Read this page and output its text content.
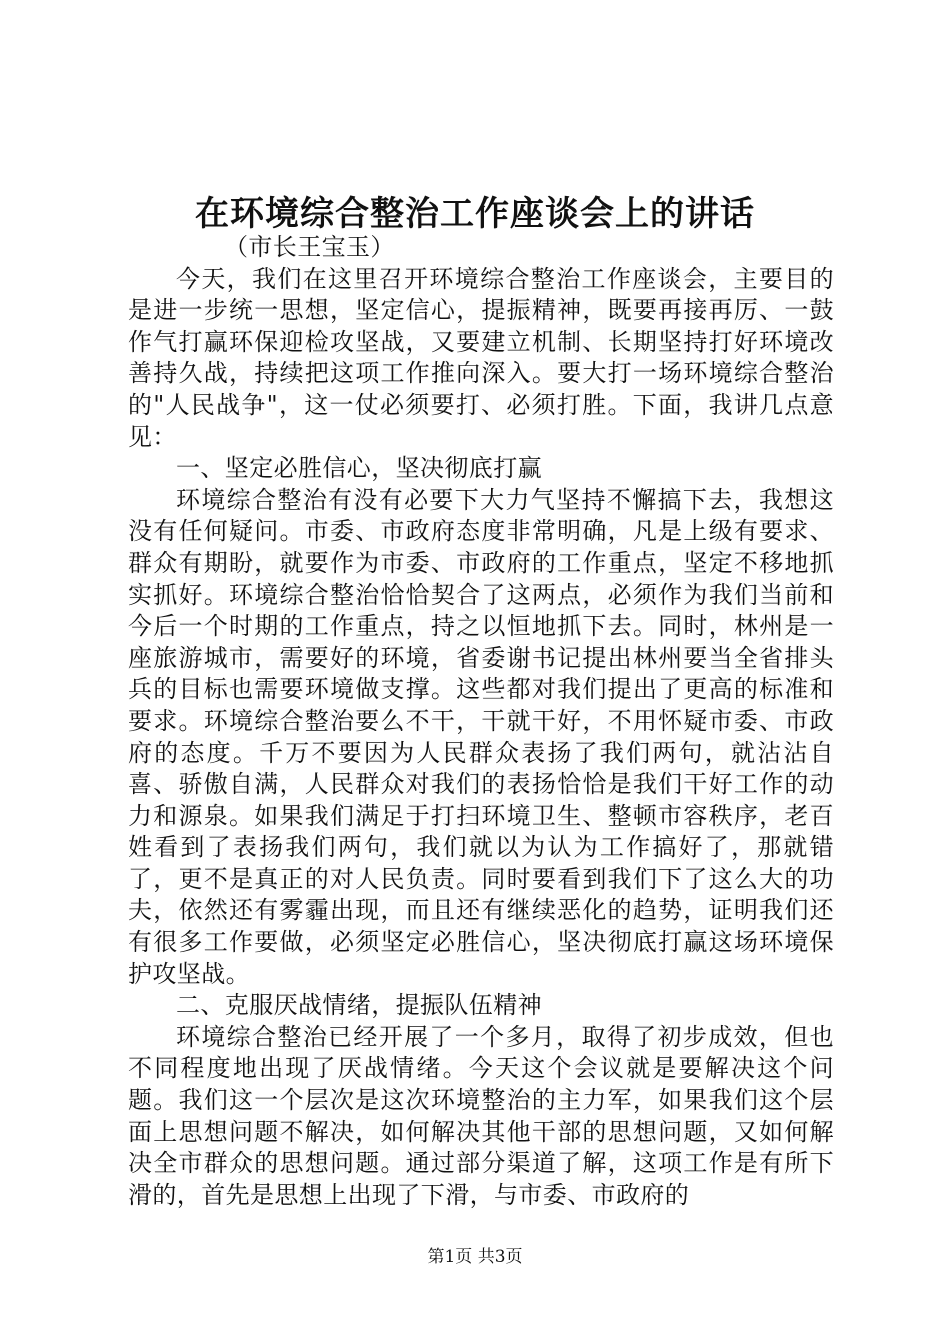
在环境综合整治工作座谈会上的讲话

（市长王宝玉）

今天，我们在这里召开环境综合整治工作座谈会，主要目的是进一步统一思想，坚定信心，提振精神，既要再接再厉、一鼓作气打赢环保迎检攻坚战，又要建立机制、长期坚持打好环境改善持久战，持续把这项工作推向深入。要大打一场环境综合整治的"人民战争"，这一仗必须要打、必须打胜。下面，我讲几点意见：

一、坚定必胜信心，坚决彻底打赢

环境综合整治有没有必要下大力气坚持不懈搞下去，我想这没有任何疑问。市委、市政府态度非常明确，凡是上级有要求、群众有期盼，就要作为市委、市政府的工作重点，坚定不移地抓实抓好。环境综合整治恰恰契合了这两点，必须作为我们当前和今后一个时期的工作重点，持之以恒地抓下去。同时，林州是一座旅游城市，需要好的环境，省委谢书记提出林州要当全省排头兵的目标也需要环境做支撑。这些都对我们提出了更高的标准和要求。环境综合整治要么不干，干就干好，不用怀疑市委、市政府的态度。千万不要因为人民群众表扬了我们两句，就沾沾自喜、骄傲自满，人民群众对我们的表扬恰恰是我们干好工作的动力和源泉。如果我们满足于打扫环境卫生、整顿市容秩序，老百姓看到了表扬我们两句，我们就以为认为工作搞好了，那就错了，更不是真正的对人民负责。同时要看到我们下了这么大的功夫，依然还有雾霾出现，而且还有继续恶化的趋势，证明我们还有很多工作要做，必须坚定必胜信心，坚决彻底打赢这场环境保护攻坚战。

二、克服厌战情绪，提振队伍精神

环境综合整治已经开展了一个多月，取得了初步成效，但也不同程度地出现了厌战情绪。今天这个会议就是要解决这个问题。我们这一个层次是这次环境整治的主力军，如果我们这个层面上思想问题不解决，如何解决其他干部的思想问题，又如何解决全市群众的思想问题。通过部分渠道了解，这项工作是有所下滑的，首先是思想上出现了下滑，与市委、市政府的

第1页 共3页
